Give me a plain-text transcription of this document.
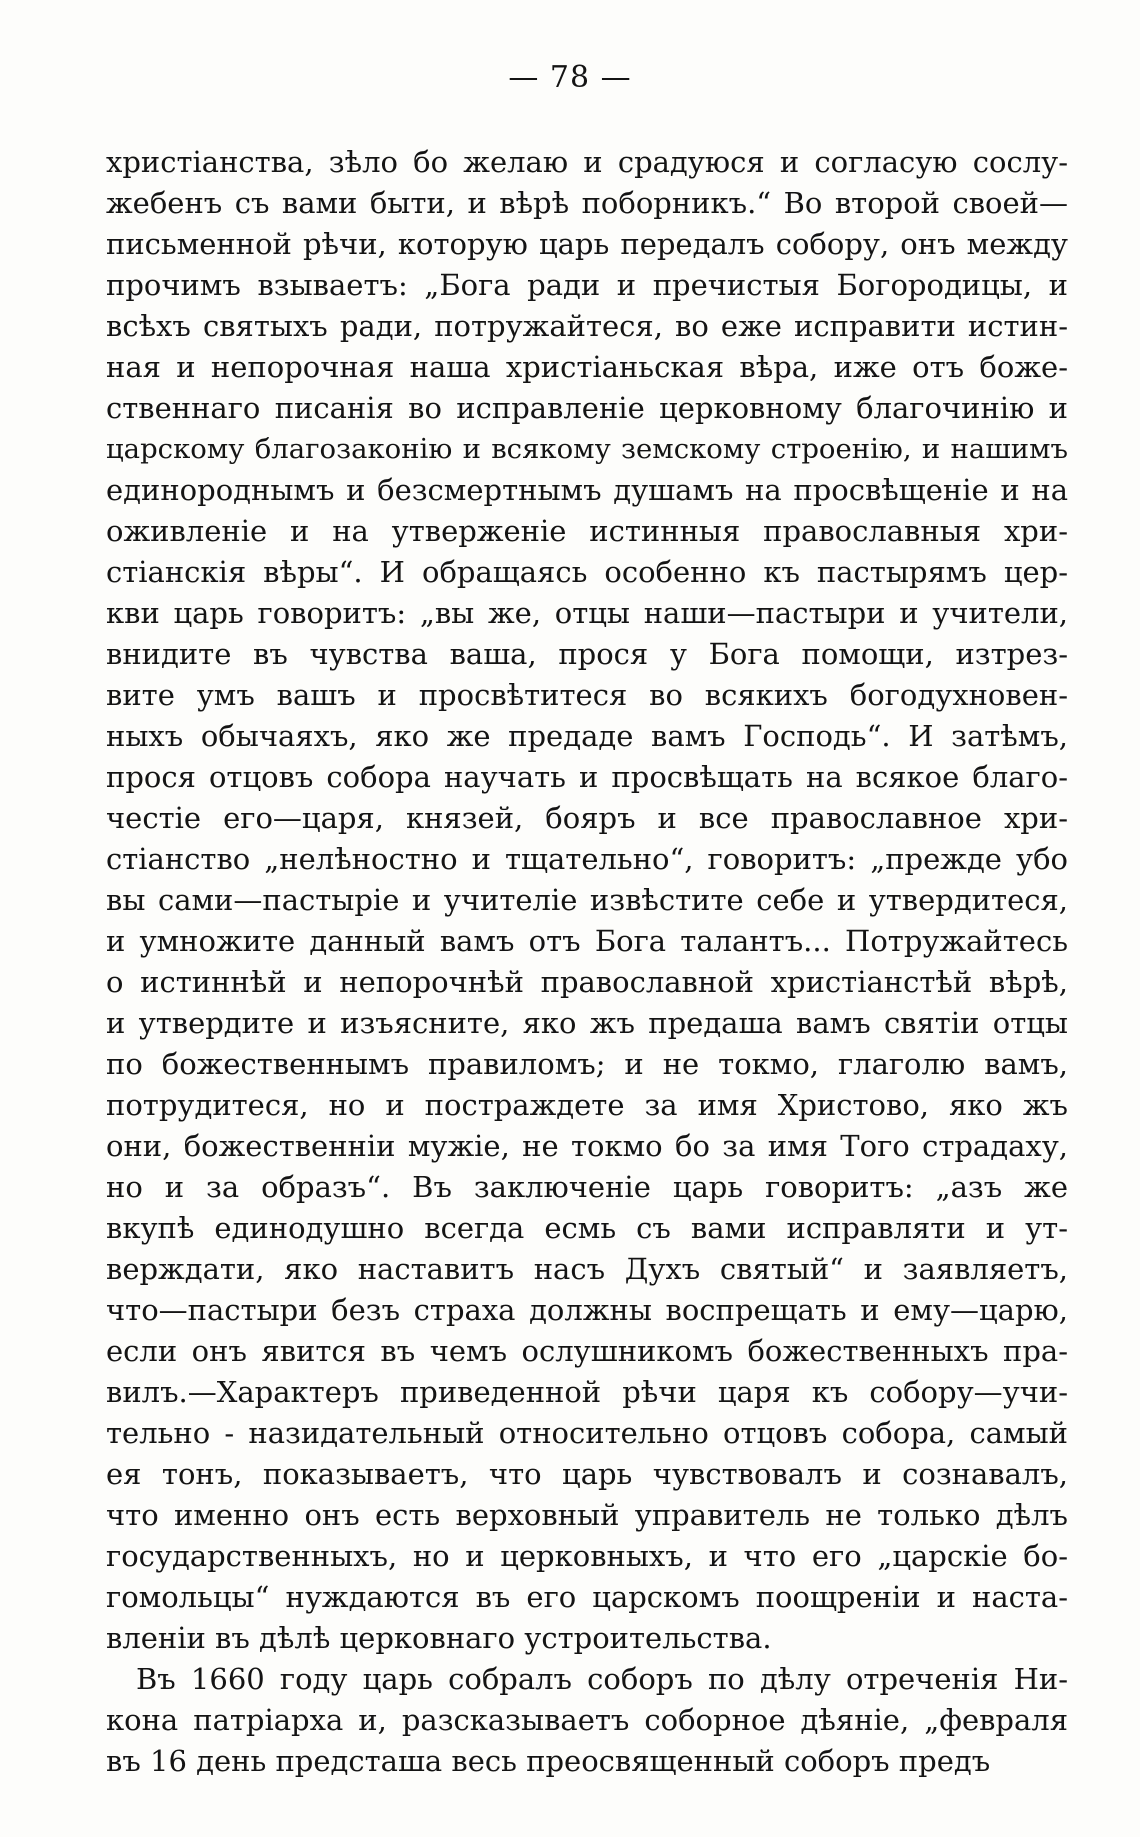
— 78 —
христіанства, зѣло бо желаю и срадуюся и согласую сослу-
жебенъ съ вами быти, и вѣрѣ поборникъ.“ Во второй своей—
письменной рѣчи, которую царь передалъ собору, онъ между
прочимъ взываетъ: „Бога ради и пречистыя Богородицы, и
всѣхъ святыхъ ради, потружайтеся, во еже исправити истин-
ная и непорочная наша христіаньская вѣра, иже отъ боже-
ственнаго писанія во исправленіе церковному благочинію и
царскому благозаконію и всякому земскому строенію, и нашимъ
единороднымъ и безсмертнымъ душамъ на просвѣщеніе и на
оживленіе и на утверженіе истинныя православныя хри-
стіанскія вѣры“. И обращаясь особенно къ пастырямъ цер-
кви царь говоритъ: „вы же, отцы наши—пастыри и учители,
внидите въ чувства ваша, прося у Бога помощи, изтрез-
вите умъ вашъ и просвѣтитеся во всякихъ богодухновен-
ныхъ обычаяхъ, яко же предаде вамъ Господь“. И затѣмъ,
прося отцовъ собора научать и просвѣщать на всякое благо-
честіе его—царя, князей, бояръ и все православное хри-
стіанство „нелѣностно и тщательно“, говоритъ: „прежде убо
вы сами—пастыріе и учителіе извѣстите себе и утвердитеся,
и умножите данный вамъ отъ Бога талантъ... Потружайтесь
о истиннѣй и непорочнѣй православной христіанстѣй вѣрѣ,
и утвердите и изъясните, яко жъ предаша вамъ святіи отцы
по божественнымъ правиломъ; и не токмо, глаголю вамъ,
потрудитеся, но и постраждете за имя Христово, яко жъ
они, божественніи мужіе, не токмо бо за имя Того страдаху,
но и за образъ“. Въ заключеніе царь говоритъ: „азъ же
вкупѣ единодушно всегда есмь съ вами исправляти и ут-
верждати, яко наставитъ насъ Духъ святый“ и заявляетъ,
что—пастыри безъ страха должны воспрещать и ему—царю,
если онъ явится въ чемъ ослушникомъ божественныхъ пра-
вилъ.—Характеръ приведенной рѣчи царя къ собору—учи-
тельно - назидательный относительно отцовъ собора, самый
ея тонъ, показываетъ, что царь чувствовалъ и сознавалъ,
что именно онъ есть верховный управитель не только дѣлъ
государственныхъ, но и церковныхъ, и что его „царскіе бо-
гомольцы“ нуждаются въ его царскомъ поощреніи и наста-
вленіи въ дѣлѣ церковнаго устроительства.
Въ 1660 году царь собралъ соборъ по дѣлу отреченія Ни-
кона патріарха и, разсказываетъ соборное дѣяніе, „февраля
въ 16 день предсташа весь преосвященный соборъ предъ
